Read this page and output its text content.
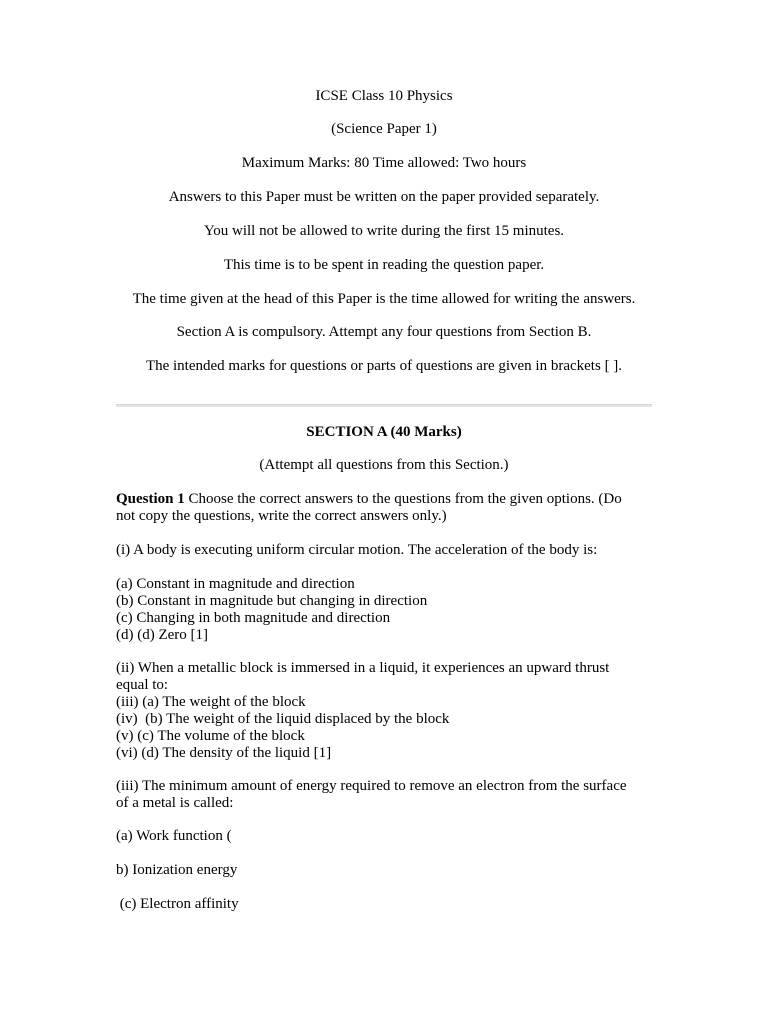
ICSE Class 10 Physics
(Science Paper 1)
Maximum Marks: 80 Time allowed: Two hours
Answers to this Paper must be written on the paper provided separately.
You will not be allowed to write during the first 15 minutes.
This time is to be spent in reading the question paper.
The time given at the head of this Paper is the time allowed for writing the answers.
Section A is compulsory. Attempt any four questions from Section B.
The intended marks for questions or parts of questions are given in brackets [ ].
SECTION A (40 Marks)
(Attempt all questions from this Section.)
Question 1 Choose the correct answers to the questions from the given options. (Do
not copy the questions, write the correct answers only.)
(i) A body is executing uniform circular motion. The acceleration of the body is:
(a) Constant in magnitude and direction
(b) Constant in magnitude but changing in direction
(c) Changing in both magnitude and direction
(d) (d) Zero [1]
(ii) When a metallic block is immersed in a liquid, it experiences an upward thrust
equal to:
(iii) (a) The weight of the block
(iv)  (b) The weight of the liquid displaced by the block
(v) (c) The volume of the block
(vi) (d) The density of the liquid [1]
(iii) The minimum amount of energy required to remove an electron from the surface
of a metal is called:
(a) Work function (
b) Ionization energy
(c) Electron affinity
